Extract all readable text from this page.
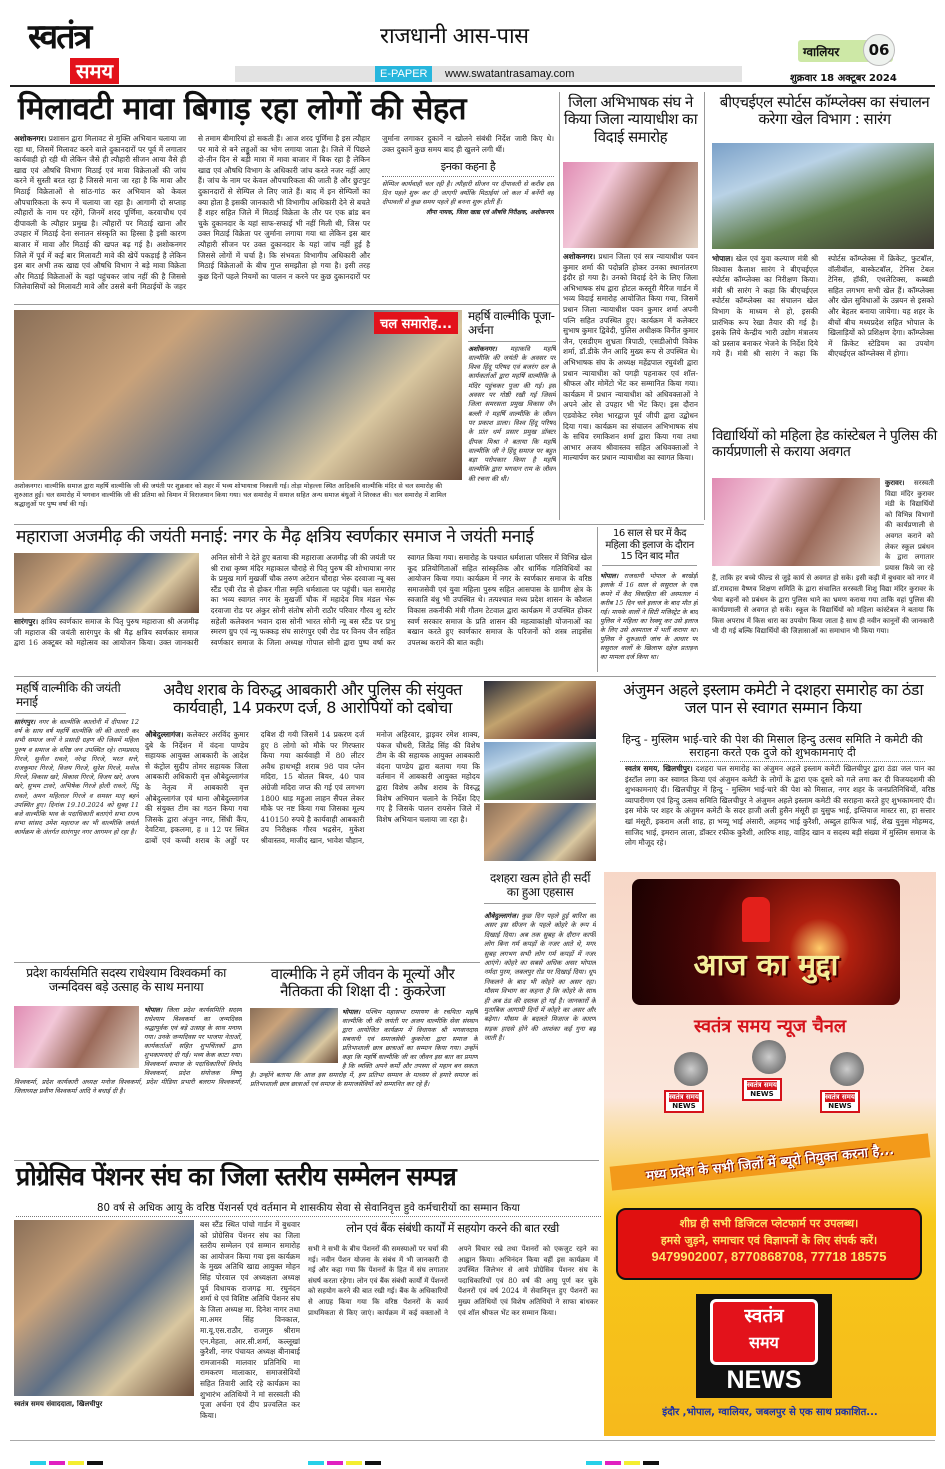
स्वतंत्र
समय
राजधानी आस-पास
E-PAPER	www.swatantrasamay.com
ग्वालियर	06
शुक्रवार 18 अक्टूबर 2024
मिलावटी मावा बिगाड़ रहा लोगों की सेहत
अशोकनगर। प्रशासन द्वारा मिलावट से मुक्ति अभियान चलाया जा रहा था, जिसमें मिलावट करने वाले दुकानदारों पर पूर्व में लगातार कार्यवाही हो रही थी लेकिन जैसे ही त्यौहारी सीजन आया वैसे ही खाद्य एवं औषधि विभाग मिठाई एवं मावा विक्रेताओं की जांच करने में सुस्ती बरत रहा है जिससे माना जा रहा है कि मावा और मिठाई विक्रेताओं से सांठ-गांठ कर अभियान को केवल औपचारिकता के रूप में चलाया जा रहा है। आगामी दो सप्ताह त्यौहारों के नाम पर रहेंगे, जिनमें शरद पूर्णिमा, करवाचौथ एवं दीपावली के त्यौहार प्रमुख है। त्यौहारों पर मिठाई खाना और उपहार में मिठाई देना सनातन संस्कृति का हिस्सा है इसी कारण बाजार में मावा और मिठाई की खपत बढ़ गई है। अशोकनगर जिले में पूर्व में कई बार मिलावटी मावे की खेपें पकड़ाई है लेकिन इस बार अभी तक खाद्य एवं औषधि विभाग ने बड़े मावा विक्रेता और मिठाई विक्रेताओं के यहां पहुंचकर जांच नहीं की है जिससे जिलेवासियों को मिलावटी मावे और उससे बनी मिठाईयों के जहर से तमाम बीमारियां हो सकती हैं। आज शरद पूर्णिमा है इस त्यौहार पर मावे से बने लड्डूओं का भोग लगाया जाता है। जिले में पिछले दो-तीन दिन से बड़ी मात्रा में मावा बाजार में बिक रहा है लेकिन खाद्य एवं औषधि विभाग के अधिकारी जांच करते नजर नहीं आए हैं। जांच के नाम पर केवल औपचारिकता की जाती है और छुटपुट दुकानदारों से सेम्पिल ले लिए जाते हैं। बाद में इन सेम्पिलों का क्या होता है इसकी जानकारी भी विभागीय अधिकारी देने से बचते हैं शहर सहित जिले में मिठाई विक्रेता के तौर पर एक ब्रांड बन चुके दुकानदार के यहां साफ-सफाई भी नहीं मिली थी, जिस पर उक्त मिठाई विक्रेता पर जुर्माना लगाया गया था लेकिन इस बार त्यौहारी सीजन पर उक्त दुकानदार के यहां जांच नहीं हुई है जिससे लोगों में चर्चा है। कि संभवतः विभागीय अधिकारी और मिठाई विक्रेताओं के बीच गुप्त समझौता हो गया है। इसी तरह कुछ दिनों पहले नियमों का पालन न करने पर कुछ दुकानदारों पर जुर्माना लगाकर दुकानें न खोलने संबंधी निर्देश जारी किए थे। उक्त दुकानें कुछ समय बाद ही खुलने लगी थीं।
इनका कहना है
सेम्पिल कार्यवाही चल रही है। त्यौहारी सीजन पर दीपावली से करीब दस दिन पहले शुरू कर दी जाएगी क्योंकि मिठाईयां जो कल में बनेंगी वह दीपावली से कुछ समय पहले ही बनना शुरू होती हैं।
लीना नायक, जिला खाद्य एवं औषधि निरीक्षक, अशोकनगर
चल समारोह...
अशोकनगर। वाल्मीकि समाज द्वारा महर्षि वाल्मीकि जी की जयंती पर शुक्रवार को शहर में भव्य शोभायात्रा निकाली गई। तोड़ा मोहल्ला स्थित आदिकवि वाल्मीकि मंदिर से चल समारोह की शुरुआत हुई। चल समारोह में भगवान वाल्मीकि जी की प्रतिमा को विमान में विराजमान किया गया। चल समारोह में समाज सहित अन्य समाज बंधुओं ने शिरकत की। चल समारोह में शामिल श्रद्धालुओं पर पुष्प वर्षा की गई।
महर्षि वाल्मीकि पूजा-अर्चना
अशोकनगर। महाकवि महर्षि वाल्मीकि की जयंती के अवसर पर विश्व हिंदू परिषद एवं बजरंग दल के कार्यकर्ताओं द्वारा महर्षि वाल्मीकि के मंदिर पहुंचकर पूजा की गई। इस अवसर पर गोष्ठी रखी गई जिसमें जिला समरसता प्रमुख विकास जैन बल्ली ने महर्षि वाल्मीकि के जीवन पर प्रकाश डाला। विश्व हिंदू परिषद के प्रांत धर्म प्रसार प्रमुख डॉक्टर दीपक मिश्रा ने बताया कि महर्षि वाल्मीकि जी ने हिंदू समाज पर बहुत बड़ा परोपकार किया है महर्षि वाल्मीकि द्वारा भगवान राम के जीवन की रचना की थी।
जिला अभिभाषक संघ ने किया जिला न्यायाधीश का विदाई समारोह
अशोकनगर। प्रधान जिला एवं सत्र न्यायाधीश पवन कुमार शर्मा की पदोन्नति होकर उनका स्थानांतरण इंदौर हो गया है। उनको विदाई देने के लिए जिला अभिभाषक संघ द्वारा होटल कस्तूरी मैरिज गार्डन में भव्य विदाई समारोह आयोजित किया गया, जिसमें प्रधान जिला न्यायाधीश पवन कुमार शर्मा अपनी पत्नि सहित उपस्थित हुए। कार्यक्रम में कलेक्टर सुभाष कुमार द्विवेदी, पुलिस अधीक्षक विनीत कुमार जैन, एसडीएम शुभ्रता त्रिपाठी, एसडीओपी विवेक शर्मा, डॉ.डीके जैन आदि मुख्य रूप से उपस्थित थे। अभिभाषक संघ के अध्यक्ष महेंद्रपाल रघुवंशी द्वारा प्रधान न्यायाधीश को पगड़ी पहनाकर एवं शॉल-श्रीफल और मोमेंटो भेंट कर सम्मानित किया गया। कार्यक्रम में प्रधान न्यायाधीश को अधिवक्ताओं ने अपने ओर से उपहार भी भेंट किए। इस दौरान एडवोकेट रमेश भारद्वाज पूर्व जीपी द्वारा उद्बोधन दिया गया। कार्यक्रम का संचालन अभिभाषक संघ के सचिव रमाकिशन शर्मा द्वारा किया गया तथा आभार अजय श्रीवास्तव सहित अधिवक्ताओं ने माल्यार्पण कर प्रधान न्यायाधीश का स्वागत किया।
बीएचईएल स्पोर्टस कॉम्प्लेक्स का संचालन करेगा खेल विभाग : सारंग
भोपाल। खेल एवं युवा कल्याण मंत्री श्री विश्वास कैलाश सारंग ने बीएचईएल स्पोर्टस कॉम्प्लेक्स का निरीक्षण किया। मंत्री श्री सारंग ने कहा कि बीएचईएल स्पोर्टस कॉम्प्लेक्स का संचालन खेल विभाग के माध्यम से हो, इसकी प्रारंभिक रूप रेखा तैयार की गई है। इसके लिये केन्द्रीय भारी उद्योग मंत्रालय को प्रस्ताव बनाकर भेजने के निर्देश दिये गये हैं। मंत्री श्री सारंग ने कहा कि स्पोर्टस कॉम्प्लेक्स में क्रिकेट, फुटबॉल, वॉलीबॉल, बास्केटबॉल, टेनिस टेबल टेनिस, हॉकी, एथलेटिक्स, कब्बडी सहित लगभग सभी खेल हैं। कॉम्प्लेक्स और खेल सुविधाओं के उन्नयन से इसको और बेहतर बनाया जायेगा। यह शहर के बीचों बीच मध्यप्रदेश सहित भोपाल के खिलाड़ियों को प्रशिक्षण देगा। कॉम्प्लेक्स में क्रिकेट स्टेडियम का उपयोग बीएचईएल कॉम्प्लेक्स में होगा।
विद्यार्थियों को महिला हेड कांस्टेबल ने पुलिस की कार्यप्रणाली से कराया अवगत
कुरावर। सरस्वती विद्या मंदिर कुरावर मंडी के विद्यार्थियों को विभिन्न विभागों की कार्यप्रणाली से अवगत कराने को लेकर स्कूल प्रबंधन के द्वारा लगातार प्रयास किये जा रहे हैं, ताकि हर बच्चे फील्ड से जुड़े कार्य से अवगत हो सके। इसी कड़ी में बुधवार को नगर में डॉ.रामदास वैष्णव शिक्षण समिति के द्वारा संचालित सरस्वती शिशु विद्या मंदिर कुरावर के भैया बहनों को प्रबंधन के द्वारा पुलिस थाने का भ्रमण कराया गया ताकि वहां पुलिस की कार्यप्रणाली से अवगत हो सकें। स्कूल के विद्यार्थियों को महिला कांस्टेबल ने बताया कि किस अपराध में किस धारा का उपयोग किया जाता है साथ ही नवीन कानूनों की जानकारी भी दी गई बल्कि विद्यार्थियों की जिज्ञासाओं का समाधान भी किया गया।
महाराजा अजमीढ़ की जयंती मनाई: नगर के मैढ़ क्षत्रिय स्वर्णकार समाज ने जयंती मनाई
सारंगपुर। क्षत्रिय स्वर्णकार समाज के पितृ पुरुष महाराजा श्री अजमीढ़ जी महाराज की जयंती सारंगपुर के श्री मैढ़ क्षत्रिय स्वर्णकार समाज द्वारा 16 अक्टूबर को महोत्सव का आयोजन किया। उक्त जानकारी अनिल सोनी ने देते हुए बताया की महाराजा अजमीढ़ जी की जयंती पर श्री राधा कृष्ण मंदिर महाकाल चौराहे से पितृ पुरुष की शोभायात्रा नगर के प्रमुख मार्ग मुखर्जी चौक तरुण अटेरान चौराहा भेरू दरवाजा न्यू बस स्टैंड एबी रोड से होकर गीता स्मृति धर्मशाला पर पहुंची। चल समारोह का भव्य स्वागत नगर के मुखर्जी चौक में महादेव मित्र मंडल भेरू दरवाजा रोड पर अंकुर सोनी संतोष सोनी राठौर परिवार गौरव शु स्टोर सहेली कलेक्शन भवान दास सोनी भारत सोनी न्यू बस स्टैंड पर प्रभु स्मरण ग्रुप एवं न्यू फक्कड़ संघ सारंगपुर एबी रोड पर विनय जैन सहित स्वर्णकार समाज के जिला अध्यक्ष गोपाल सोनी द्वारा पुष्प वर्षा कर स्वागत किया गया। समारोह के पश्चात धर्मशाला परिसर में विभिन्न खेल कूद प्रतियोगिताओं सहित सांस्कृतिक और धार्मिक गतिविधियों का आयोजन किया गया। कार्यक्रम में नगर के स्वर्णकार समाज के वरिष्ठ समाजसेवी एवं युवा महिला पुरुष सहित आसपास के ग्रामीण क्षेत्र के स्वजाति बंधु भी उपस्थित थे। तत्पश्चात मध्य प्रदेश शासन के कौशल विकास तकनीकी मंत्री गौतम टेटवाल द्वारा कार्यक्रम में उपस्थित होकर स्वर्ण सरकार समाज के प्रति शासन की महत्वाकांक्षी योजनाओं का बखान करते हुए स्वर्णकार समाज के परिजनों को शस्त्र लाइसेंस उपलब्ध कराने की बात कही।
16 साल से घर में कैद महिला की इलाज के दौरान 15 दिन बाद मौत
भोपाल। राजधानी भोपाल के बरखेड़ी इलाके में 16 साल से ससुराल के एक कमरे में कैद विवाहिता की अस्पताल में करीब 15 दिन चले इलाज के बाद मौत हो गई। मायके वालों ने सिटी मजिस्ट्रेट के बाद पुलिस ने महिला का रेस्क्यू कर उसे इलाज के लिए उसे अस्पताल में भर्ती कराया था। पुलिस ने शुरुआती जांच के आधार पर ससुराल वालों के खिलाफ दहेज प्रताड़ना का मामला दर्ज किया था।
महर्षि वाल्मीकि की जयंती मनाई
सारंगपुर। नगर के वाल्मीकि कालोनी में दीपावर 12 वर्ष के साथ वर्ष महर्षि वाल्मीकि जी की आरती कर सभी समाज जनों ने प्रसादी ग्रहण की जिसमें महिला पुरुष व समाज के वरिष्ठ जन उपस्थित रहे। रामप्रसाद गिरजे, सुनील रावले, नरेन्द्र गिरजे, भरत सत्ते, राजकुमार गिरजे, विजय गिरजे, सुरेश गिरजे, मनोज गिरजे, विकास खरे, विकास गिरजे, विजय खरे, अजय खरे, सुभम टावरे, अभिषेक गिरजे होली रावले, पिंटू रावले, अमन महिलाल गिरजे व समस्त मातृ बहनें उपस्थित हुए। दिनांक 19.10.2024 को सुबह 11 बजे वाल्मीकि भाव के पदाधिकारी बताएंगे सभा राज्य सभा सांसद उमेश महाराज का भी वाल्मीकि जयंती कार्यक्रम के अंतर्गत सारंगपुर नगर आगमन हो रहा है।
अवैध शराब के विरुद्ध आबकारी और पुलिस की संयुक्त कार्यवाही, 14 प्रकरण दर्ज, 8 आरोपियों को दबोचा
औबेदुल्लागंज। कलेक्टर अरविंद कुमार दुबे के निर्देशन में वंदना पाण्डेय सहायक आयुक्त आबकारी के आदेश से कंट्रोल सुदीप तोमर सहायक जिला आबकारी अधिकारी वृत्त औबेदुल्लागंज के नेतृत्व में आबकारी वृत्त औबेदुल्लागंज एवं थाना औबेदुल्लागंज की संयुक्त टीम का गठन किया गया जिसके द्वारा अंजुन नगर, सिंधी कैंप, देवटिया, इकलमा, ह ॥ 12 पर स्थित ढाबों एवं कच्ची शराब के अड्डों पर दबिश दी गयी जिसमें 14 प्रकरण दर्ज हुए 8 लोगो को मौके पर गिरफ्तार किया गया कार्यवाही में 80 लीटर अवैध हाथभट्टी शराब 98 पाव प्लेन मदिरा, 15 बोतल बियर, 40 पाव अंग्रेजी मदिरा जप्त की गई एवं लगभग 1800 धाड़ महुआ लाहन सैंपल लेकर मौके पर नष्ट किया गया जिसका मूल्य 410150 रुपये है कार्यवाही आबकारी उप निरीक्षक गौरव भद्रसेन, मुकेश श्रीवास्तव, माजीद खान, भावेश चौहान, मनोज अहिरवार, ड्राइवर रमेश शाक्य, पंकज चौधरी, जितेंद्र सिंह की विशेष टीम के की सहायक आयुक्त आबकारी वंदना पाण्डेय द्वारा बताया गया कि वर्तमान में आबकारी आयुक्त महोदय द्वारा विशेष अवैध शराब के विरुद्ध विशेष अभियान चलाने के निर्देश दिए गए है जिसके पालन रायसेन जिले में विशेष अभियान चलाया जा रहा है।
अंजुमन अहले इस्लाम कमेटी ने दशहरा समारोह का ठंडा जल पान से स्वागत सम्मान किया
हिन्दु - मुस्लिम भाई-चारे की पेश की मिसाल हिन्दु उत्सव समिति ने कमेटी की सराहना करते एक दुजे को शुभकामनाएं दी
स्वतंत्र समय, खिलचीपुर। दशहरा चल समारोह का अंजुमन अहले इस्लाम कमेटी खिलचीपुर द्वारा ठंडा जल पान का इंस्टॉल लगा कर स्वागत किया एवं अंजुमन कमेटी के लोगों के द्वारा एक दूसरे को गले लगा कर दी विजयदशमी की शुभकामनाएं दी। खिलचीपुर में हिन्दु - मुस्लिम भाई-चारे की पेश को मिसाल, नगर शहर के जनप्रतिनिधियों, वरिष्ठ व्यापारीगण एवं हिन्दु उत्सव समिति खिलचीपुर ने अंजुमन अहले इस्लाम कमेटी की सराहना करते हुए शुभकामनाएं दी। इस मोके पर शहर के अंजुमन कमेटी के सदर हाजी अली हुसैन मंसूरी हा युसुफ भाई, इम्तियाज मास्टर सा, हा सत्तार खां मंसूरी, इकराम अली शाह, हा भय्यू भाई अंसारी, अहमद भाई कुरैशी, अब्दुल हाफिज भाई, शेख युनुस मोहम्मद, साजिद भाई, इमरान लाला, डॉक्टर रफीक कुरैशी, आरिफ शाह, वाहिद खान व सदस्य बड़ी संख्या में मुस्लिम समाज के लोग मौजूद रहे।
दशहरा खत्म होते ही सर्दी का हुआ एहसास
औबेदुल्लागंज। कुछ दिन पहले हुई बारिश का असर इस सीजन के पहले कोहरे के रूप में दिखाई दिया। अब तक सुबह के दौरान काफी लोग बिना गर्म कपड़ों के नजर आते थे, मगर सुबह लगभग सभी लोग गर्म कपड़ों में नजर आएंगे। कोहरे का सबसे अधिक असर भोपाल नर्मदा पुरम, जबलपुर रोड पर दिखाई दिया। धूप निकलने के बाद भी कोहरे का असर रहा। मौसम विभाग का कहना है कि कोहरे के साथ ही अब ठंड की दस्तक हो गई है। जानकारों के मुताबिक आगामी दिनों में कोहरे का असर और बढ़ेगा। मौसम के बदलते मिजाज के कारण सड़क हादसे होने की आशंका कई गुना बढ़ जाती है।
प्रदेश कार्यसमिति सदस्य राधेश्याम विश्वकर्मा का जन्मदिवस बड़े उत्साह के साथ मनाया
भोपाल। जिला प्रदेश कार्यसमिति सदस्य राधेश्याम विश्वकर्मा का जन्मदिवस श्रद्धापूर्वक एवं बड़े उत्साह के साथ मनाया गया। उनके जन्मदिवस पर भाजपा नेताओं, कार्यकर्ताओं सहित शुभचिंतकों द्वारा शुभकामनाएं दी गईं। भव्य केक काटा गया। विश्वकर्मा समाज के पदाधिकारियों विनोद विश्वकर्मा, प्रदेश संयोजक विष्णु विश्वकर्मा, प्रदेश कार्यकारी अध्यक्ष मनोज विश्वकर्मा, प्रदेश मीडिया प्रभारी बलराम विश्वकर्मा, जिलाध्यक्ष प्रवीण विश्वकर्मा आदि ने बधाई दी है।
वाल्मीकि ने हमें जीवन के मूल्यों और नैतिकता की शिक्षा दी : कुकरेजा
भोपाल। पश्चिम महासभा रामायण के रचयिता महर्षि वाल्मीकि जी की जयंती पर अजय वाल्मीकि सेवा संस्थान द्वारा आयोजित कार्यक्रम में विधायक श्री भगवानदास सबनानी एवं समाजसेवी कुकरेजा द्वारा समाज के प्रतिभाशाली छात्र छात्राओं का सम्मान किया गया। उन्होंने कहा कि महर्षि वाल्मीकि जी का जीवन इस बात का प्रमाण है कि व्यक्ति अपने कर्मों और तपस्या से महान बन सकता है। उन्होंने बताया कि आज इस समारोह में, हम प्रतिभा सम्मान के माध्यम से हमारे समाज को प्रतिभाशाली छात्र छात्राओं एवं समाज के समाजसेवियों को सम्मानित कर रहे हैं।
प्रोग्रेसिव पेंशनर संघ का जिला स्तरीय सम्मेलन सम्पन्न
80 वर्ष से अधिक आयु के वरिष्ठ पेंशनर्स एवं वर्तमान मे शासकीय सेवा से सेवानिवृत्त हुवे कर्मचारीयों का सम्मान किया
स्वतंत्र समय संवाददाता, खिलचीपुर
बस स्टैंड स्थित पांचो गार्डन में बुधवार को प्रोग्रेसिव पेंशनर संघ का जिला स्तरीय सम्मेलन एवं सम्मान समारोह का आयोजन किया गया इस कार्यक्रम के मुख्य अतिथि खाद्य आयुक्त मोहन सिंह पोरवाल एवं अध्यक्षता अध्यक्ष पूर्व विधायक राजगढ़ मा. रघुनंदन शर्मा थे एवं विशिष्ट अतिथि पेंशनर संघ के जिला अध्यक्ष मा. दिनेश नागर तथा मा.अमर सिंह विनकाल, मा.यू.एस.राठौर, राजगुरु श्रीराम एन.मेहता, आर.सी.शर्मा, कल्लूखां कुरैशी, नगर पंचायत अध्यक्ष बीनाबाई रामजानकी मालवार प्रतिनिधि मा रामकरण मालाकार, समाजसेवियों सहित तिवारी आदि रहे कार्यक्रम का शुभारंभ अतिथियों ने मां सरस्वती की पूजा अर्चना एवं दीप प्रज्वलित कर किया।
लोन एवं बैंक संबंधी कार्यों में सहयोग करने की बात रखी
सभी ने सभी के बीच पेंशनरों की समस्याओं पर चर्चा की गई। नवीन पेंशन योजना के संबंध में भी जानकारी दी गई और कहा गया कि पेंशनरों के हित में संघ लगातार संघर्ष करता रहेगा। लोन एवं बैंक संबंधी कार्यों में पेंशनरों को सहयोग करने की बात रखी गई। बैंक के अधिकारियों से आग्रह किया गया कि वरिष्ठ पेंशनरों के कार्य प्राथमिकता से किए जाएं। कार्यक्रम में कई वक्ताओं ने अपने विचार रखे तथा पेंशनरों को एकजुट रहने का आह्वान किया। अभिनंदन किया वहीं इस कार्यक्रम में उपस्थित जिलेभर से आये प्रोग्रेसिव पेंशनर संघ के पदाधिकारियों एवं 80 वर्ष की आयु पूर्ण कर चुके पेंशनरों एवं वर्ष 2024 में सेवानिवृत्त हुए पेंशनरों का मुख्य अतिथियों एवं विशेष अतिथियों ने साफा बांधकर एवं शॉल श्रीफल भेंट कर सम्मान किया।
आज का मुद्दा
स्वतंत्र समय न्यूज चैनल
स्वतंत्र समय
NEWS
स्वतंत्र समय
NEWS	स्वतंत्र समय
NEWS
मध्य प्रदेश के सभी जिलों में ब्यूरो नियुक्त करना है...
शीघ्र ही सभी डिजिटल प्लेटफार्म पर उपलब्ध।
हमसे जुड़ने, समाचार एवं विज्ञापनों के लिए संपर्क करें।
9479902007, 8770868708, 77718 18575
स्वतंत्र
समय
NEWS
इंदौर ,भोपाल, ग्वालियर, जबलपुर से एक साथ प्रकाशित...
